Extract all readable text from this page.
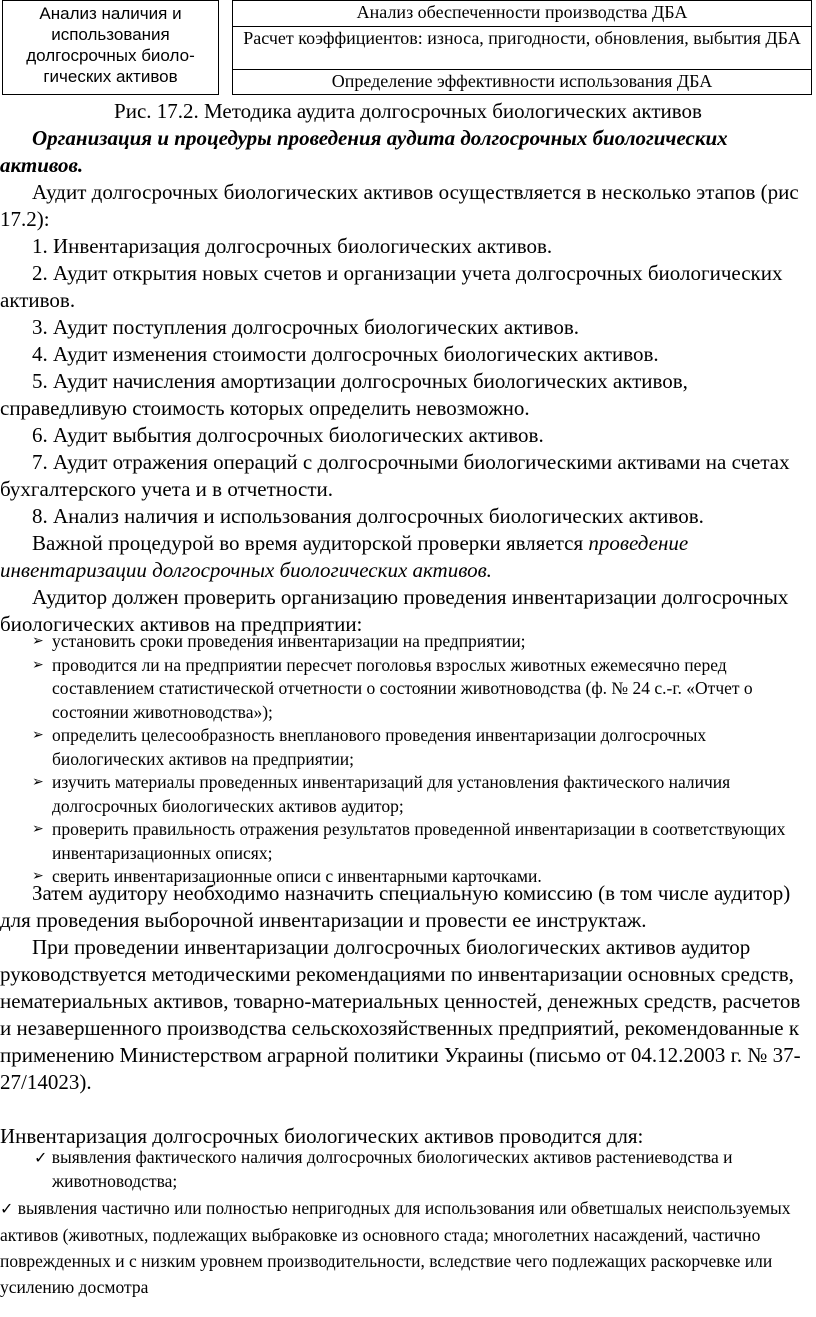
Анализ наличия и использования долгосрочных биоло-гических активов
Анализ обеспеченности производства ДБА
Расчет коэффициентов: износа, пригодности, обновления, выбытия ДБА
Определение эффективности использования ДБА
Рис. 17.2. Методика аудита долгосрочных биологических активов
Организация и процедуры проведения аудита долгосрочных биологических активов.
Аудит долгосрочных биологических активов осуществляется в несколько этапов (рис 17.2):
1. Инвентаризация долгосрочных биологических активов.
2. Аудит открытия новых счетов и организации учета долгосрочных биологических активов.
3. Аудит поступления долгосрочных биологических активов.
4. Аудит изменения стоимости долгосрочных биологических активов.
5. Аудит начисления амортизации долгосрочных биологических активов, справедливую стоимость которых определить невозможно.
6. Аудит выбытия долгосрочных биологических активов.
7. Аудит отражения операций с долгосрочными биологическими активами на счетах бухгалтерского учета и в отчетности.
8. Анализ наличия и использования долгосрочных биологических активов.
Важной процедурой во время аудиторской проверки является проведение инвентаризации долгосрочных биологических активов.
Аудитор должен проверить организацию проведения инвентаризации долгосрочных биологических активов на предприятии:
➢ установить сроки проведения инвентаризации на предприятии;
➢ проводится ли на предприятии пересчет поголовья взрослых животных ежемесячно перед составлением статистической отчетности о состоянии животноводства (ф. № 24 с.-г. «Отчет о состоянии животноводства»);
➢ определить целесообразность внепланового проведения инвентаризации долгосрочных биологических активов на предприятии;
➢ изучить материалы проведенных инвентаризаций для установления фактического наличия долгосрочных биологических активов аудитор;
➢ проверить правильность отражения результатов проведенной инвентаризации в соответствующих инвентаризационных описях;
➢ сверить инвентаризационные описи с инвентарными карточками.
Затем аудитору необходимо назначить специальную комиссию (в том числе аудитор) для проведения выборочной инвентаризации и провести ее инструктаж.
При проведении инвентаризации долгосрочных биологических активов аудитор руководствуется методическими рекомендациями по инвентаризации основных средств, нематериальных активов, товарно-материальных ценностей, денежных средств, расчетов и незавершенного производства сельскохозяйственных предприятий, рекомендованные к применению Министерством аграрной политики Украины (письмо от 04.12.2003 г. № 37-27/14023).
Инвентаризация долгосрочных биологических активов проводится для:
✓ выявления фактического наличия долгосрочных биологических активов растениеводства и животноводства;
✓ выявления частично или полностью непригодных для использования или обветшалых неиспользуемых активов (животных, подлежащих выбраковке из основного стада; многолетних насаждений, частично поврежденных и с низким уровнем производительности, вследствие чего подлежащих раскорчевке или усилению досмотра
